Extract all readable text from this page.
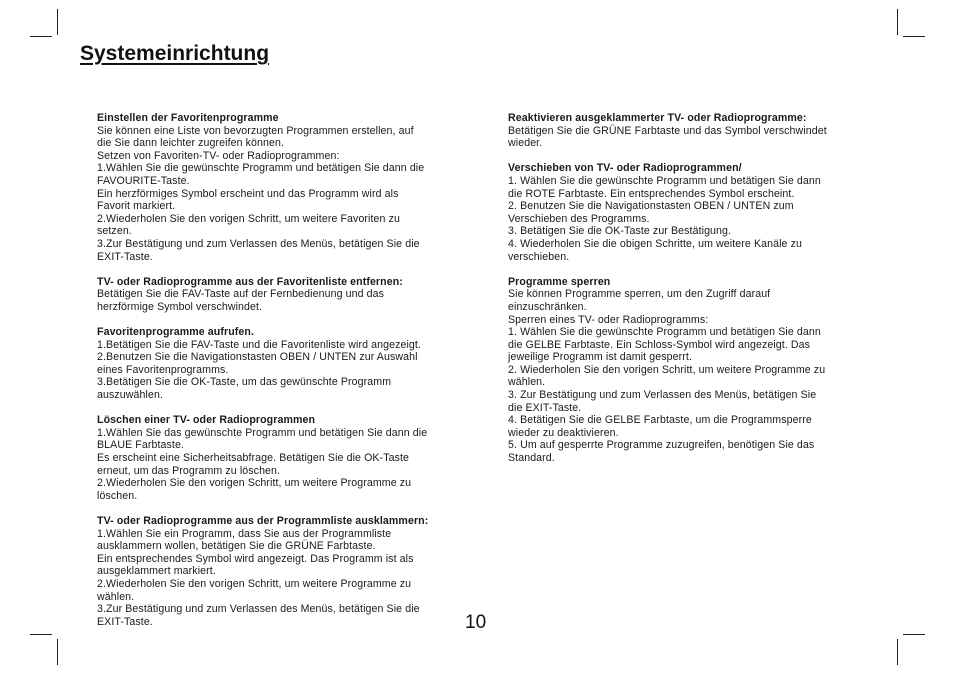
Systemeinrichtung
Einstellen der Favoritenprogramme
Sie können eine Liste von bevorzugten Programmen erstellen, auf
die Sie dann leichter zugreifen können.
Setzen von Favoriten-TV- oder Radioprogrammen:
1.Wählen Sie die gewünschte Programm und betätigen Sie dann die
FAVOURITE-Taste.
Ein herzförmiges Symbol erscheint und das Programm wird als
Favorit markiert.
2.Wiederholen Sie den vorigen Schritt, um weitere Favoriten zu
setzen.
3.Zur Bestätigung und zum Verlassen des Menüs, betätigen Sie die
EXIT-Taste.
TV- oder Radioprogramme aus der Favoritenliste entfernen:
Betätigen Sie die FAV-Taste auf der Fernbedienung und das
herzförmige Symbol verschwindet.
Favoritenprogramme aufrufen.
1.Betätigen Sie die FAV-Taste und die Favoritenliste wird angezeigt.
2.Benutzen Sie die Navigationstasten OBEN / UNTEN zur Auswahl
eines Favoritenprogramms.
3.Betätigen Sie die OK-Taste, um das gewünschte Programm
auszuwählen.
Löschen einer TV- oder Radioprogrammen
1.Wählen Sie das gewünschte Programm und betätigen Sie dann die
BLAUE Farbtaste.
Es erscheint eine Sicherheitsabfrage. Betätigen Sie die OK-Taste
erneut, um das Programm zu löschen.
2.Wiederholen Sie den vorigen Schritt, um weitere Programme zu
löschen.
TV- oder Radioprogramme aus der Programmliste ausklammern:
1.Wählen Sie ein Programm, dass Sie aus der Programmliste
ausklammern wollen, betätigen Sie die GRÜNE Farbtaste.
Ein entsprechendes Symbol wird angezeigt. Das Programm ist als
ausgeklammert markiert.
2.Wiederholen Sie den vorigen Schritt, um weitere Programme zu
wählen.
3.Zur Bestätigung und zum Verlassen des Menüs, betätigen Sie die
EXIT-Taste.
Reaktivieren ausgeklammerter TV- oder Radioprogramme:
Betätigen Sie die GRÜNE Farbtaste und das Symbol verschwindet
wieder.
Verschieben von TV- oder Radioprogrammen/
1. Wählen Sie die gewünschte Programm und betätigen Sie dann
die ROTE Farbtaste. Ein entsprechendes Symbol erscheint.
2. Benutzen Sie die Navigationstasten OBEN / UNTEN zum
Verschieben des Programms.
3. Betätigen Sie die OK-Taste zur Bestätigung.
4. Wiederholen Sie die obigen Schritte, um weitere Kanäle zu
verschieben.
Programme sperren
Sie können Programme sperren, um den Zugriff darauf
einzuschränken.
Sperren eines TV- oder Radioprogramms:
1. Wählen Sie die gewünschte Programm und betätigen Sie dann
die GELBE Farbtaste. Ein Schloss-Symbol wird angezeigt. Das
jeweilige Programm ist damit gesperrt.
2. Wiederholen Sie den vorigen Schritt, um weitere Programme zu
wählen.
3. Zur Bestätigung und zum Verlassen des Menüs, betätigen Sie
die EXIT-Taste.
4. Betätigen Sie die GELBE Farbtaste, um die Programmsperre
wieder zu deaktivieren.
5. Um auf gesperrte Programme zuzugreifen, benötigen Sie das
Standard.
10
